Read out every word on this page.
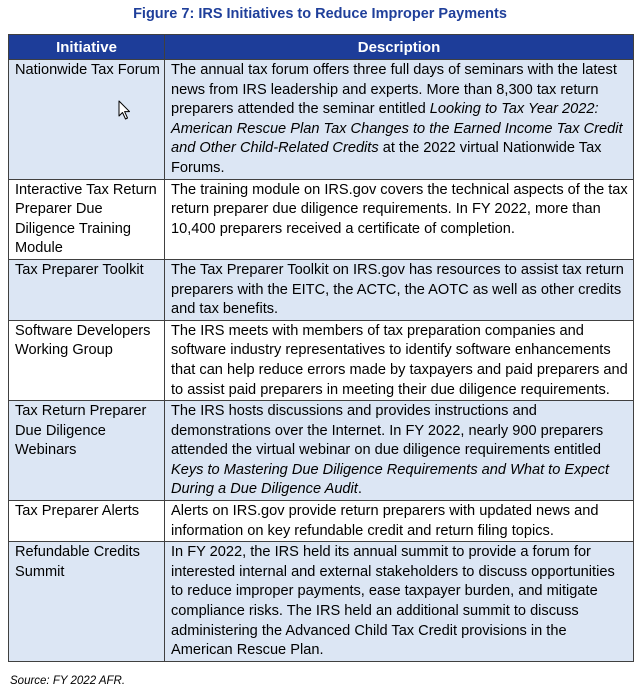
Figure 7: IRS Initiatives to Reduce Improper Payments
Initiative	Description
Nationwide Tax Forum	The annual tax forum offers three full days of seminars with the latest news from IRS leadership and experts. More than 8,300 tax return preparers attended the seminar entitled Looking to Tax Year 2022: American Rescue Plan Tax Changes to the Earned Income Tax Credit and Other Child-Related Credits at the 2022 virtual Nationwide Tax Forums.
Interactive Tax Return Preparer Due Diligence Training Module	The training module on IRS.gov covers the technical aspects of the tax return preparer due diligence requirements. In FY 2022, more than 10,400 preparers received a certificate of completion.
Tax Preparer Toolkit	The Tax Preparer Toolkit on IRS.gov has resources to assist tax return preparers with the EITC, the ACTC, the AOTC as well as other credits and tax benefits.
Software Developers Working Group	The IRS meets with members of tax preparation companies and software industry representatives to identify software enhancements that can help reduce errors made by taxpayers and paid preparers and to assist paid preparers in meeting their due diligence requirements.
Tax Return Preparer Due Diligence Webinars	The IRS hosts discussions and provides instructions and demonstrations over the Internet. In FY 2022, nearly 900 preparers attended the virtual webinar on due diligence requirements entitled Keys to Mastering Due Diligence Requirements and What to Expect During a Due Diligence Audit.
Tax Preparer Alerts	Alerts on IRS.gov provide return preparers with updated news and information on key refundable credit and return filing topics.
Refundable Credits Summit	In FY 2022, the IRS held its annual summit to provide a forum for interested internal and external stakeholders to discuss opportunities to reduce improper payments, ease taxpayer burden, and mitigate compliance risks. The IRS held an additional summit to discuss administering the Advanced Child Tax Credit provisions in the American Rescue Plan.
Source: FY 2022 AFR.
